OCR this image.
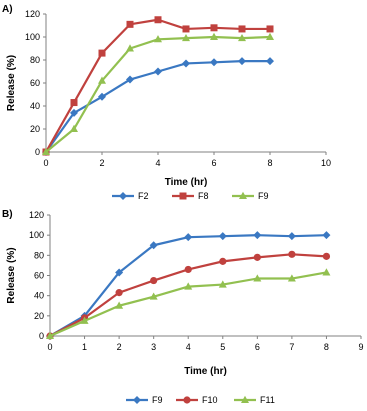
A)
0
20
40
60
80
100
120
0	2	4	6	8	10
Release (%)
Time (hr)
F2	F8	F9
B)
0
20
40
60
80
100
120
0	1	2	3	4	5	6	7	8	9
Release (%)
Time (hr)
F9	F10	F11
